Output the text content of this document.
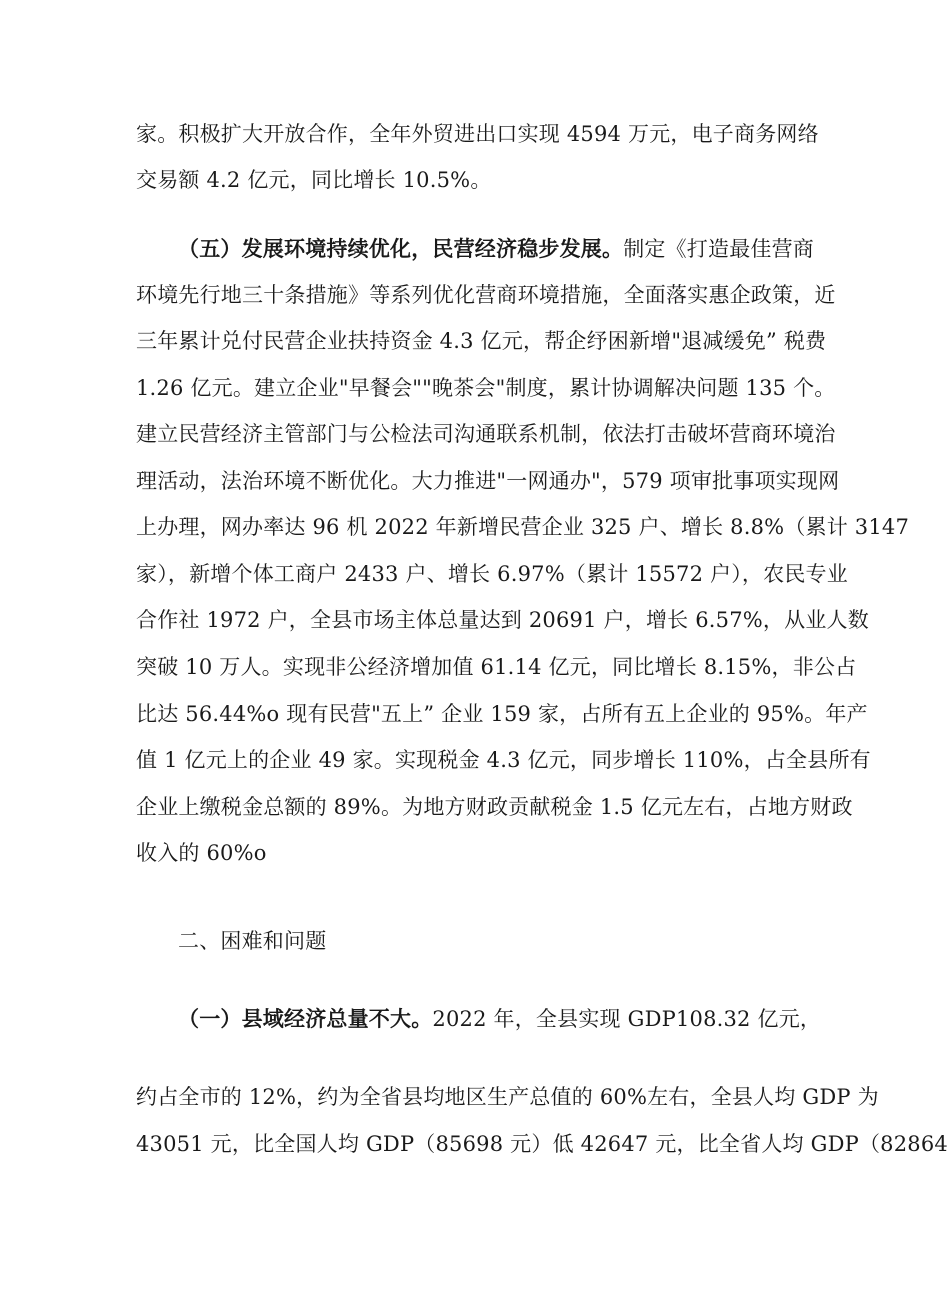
家。积极扩大开放合作，全年外贸进出口实现 4594 万元，电子商务网络
交易额 4.2 亿元，同比增长 10.5%。
（五）发展环境持续优化，民营经济稳步发展。制定《打造最佳营商
环境先行地三十条措施》等系列优化营商环境措施，全面落实惠企政策，近
三年累计兑付民营企业扶持资金 4.3 亿元，帮企纾困新增"退减缓免” 税费
1.26 亿元。建立企业"早餐会""晚茶会"制度，累计协调解决问题 135 个。
建立民营经济主管部门与公检法司沟通联系机制，依法打击破坏营商环境治
理活动，法治环境不断优化。大力推进"一网通办"，579 项审批事项实现网
上办理，网办率达 96 机 2022 年新增民营企业 325 户、增长 8.8%（累计 3147
家），新增个体工商户 2433 户、增长 6.97%（累计 15572 户），农民专业
合作社 1972 户，全县市场主体总量达到 20691 户，增长 6.57%，从业人数
突破 10 万人。实现非公经济增加值 61.14 亿元，同比增长 8.15%，非公占
比达 56.44%o 现有民营"五上” 企业 159 家，占所有五上企业的 95%。年产
值 1 亿元上的企业 49 家。实现税金 4.3 亿元，同步增长 110%，占全县所有
企业上缴税金总额的 89%。为地方财政贡献税金 1.5 亿元左右，占地方财政
收入的 60%o
二、困难和问题
（一）县域经济总量不大。2022 年，全县实现 GDP108.32 亿元，
约占全市的 12%，约为全省县均地区生产总值的 60%左右，全县人均 GDP 为
43051 元，比全国人均 GDP（85698 元）低 42647 元，比全省人均 GDP（82864
